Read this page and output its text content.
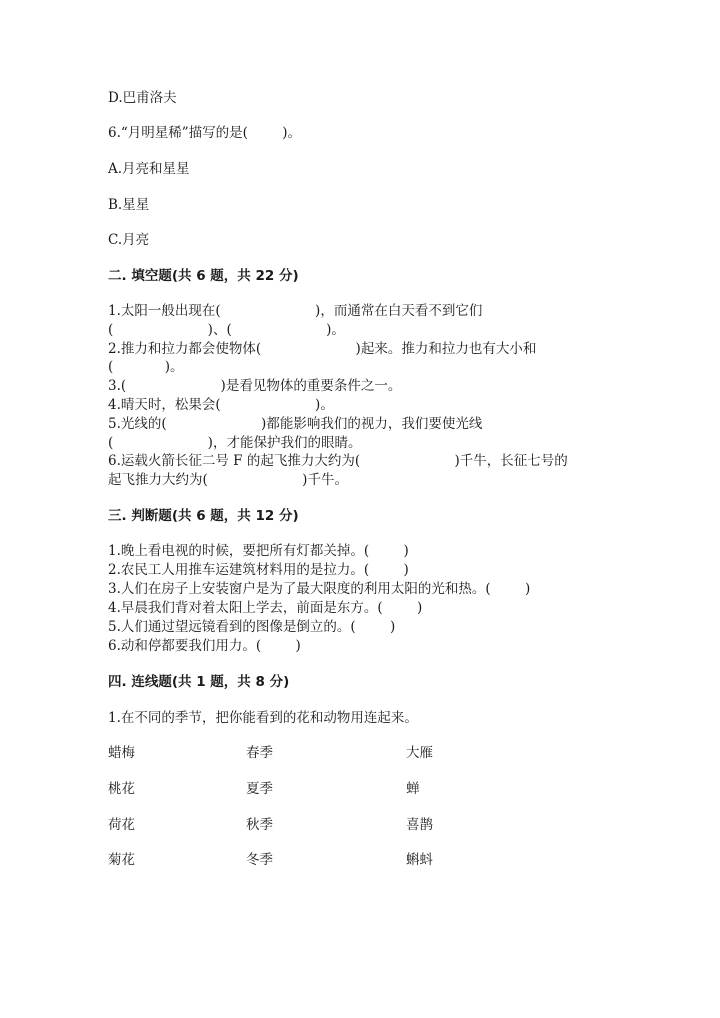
D.巴甫洛夫
6.“月明星稀”描写的是(        )。
A.月亮和星星
B.星星
C.月亮
二. 填空题(共 6 题，共 22 分)
1.太阳一般出现在(                      )，而通常在白天看不到它们
(                      )、(                      )。
2.推力和拉力都会使物体(                      )起来。推力和拉力也有大小和
(            )。
3.(                      )是看见物体的重要条件之一。
4.晴天时，松果会(                      )。
5.光线的(                      )都能影响我们的视力，我们要使光线
(                      )，才能保护我们的眼睛。
6.运载火箭长征二号 F 的起飞推力大约为(                      )千牛，长征七号的
起飞推力大约为(                      )千牛。
三. 判断题(共 6 题，共 12 分)
1.晚上看电视的时候，要把所有灯都关掉。(        )
2.农民工人用推车运建筑材料用的是拉力。(        )
3.人们在房子上安装窗户是为了最大限度的利用太阳的光和热。(        )
4.早晨我们背对着太阳上学去，前面是东方。(        )
5.人们通过望远镜看到的图像是倒立的。(        )
6.动和停都要我们用力。(        )
四. 连线题(共 1 题，共 8 分)
1.在不同的季节，把你能看到的花和动物用连起来。
蜡梅	春季	大雁
桃花	夏季	蝉
荷花	秋季	喜鹊
菊花	冬季	蝌蚪
